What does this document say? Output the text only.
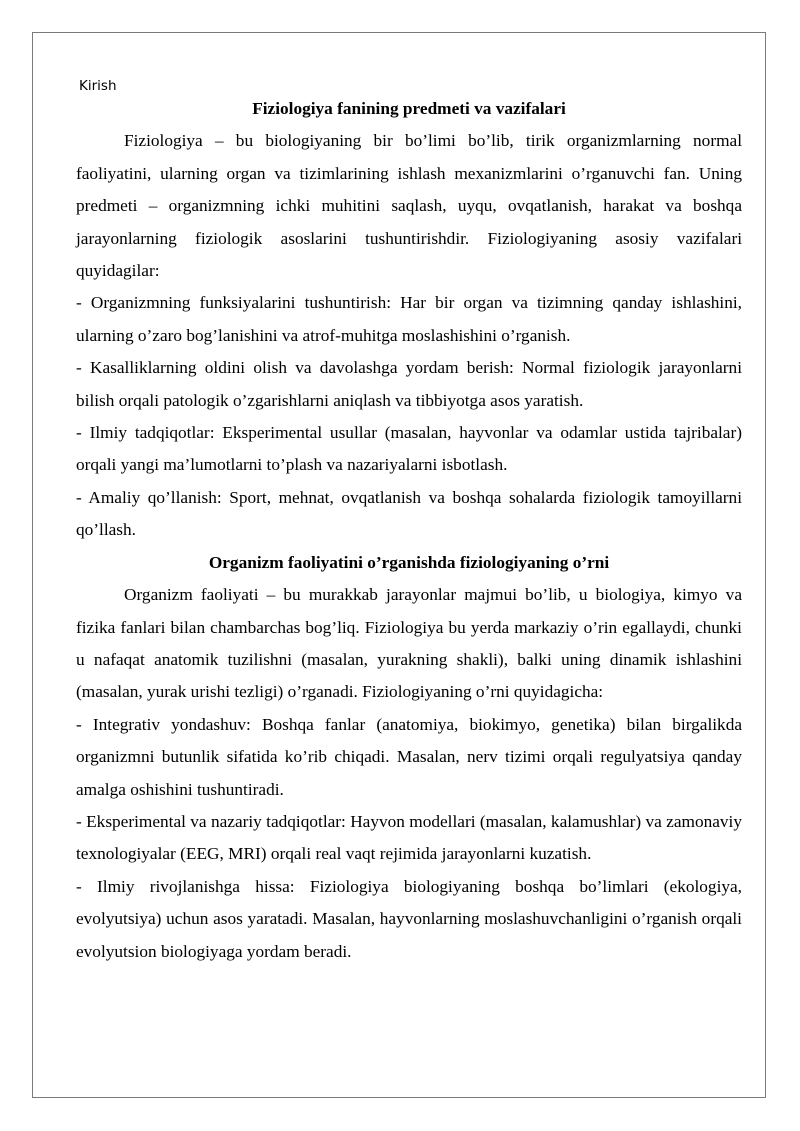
Kirish

Fiziologiya fanining predmeti va vazifalari

Fiziologiya – bu biologiyaning bir bo’limi bo’lib, tirik organizmlarning normal faoliyatini, ularning organ va tizimlarining ishlash mexanizmlarini o’rganuvchi fan. Uning predmeti – organizmning ichki muhitini saqlash, uyqu, ovqatlanish, harakat va boshqa jarayonlarning fiziologik asoslarini tushuntirishdir. Fiziologiyaning asosiy vazifalari quyidagilar:

- Organizmning funksiyalarini tushuntirish: Har bir organ va tizimning qanday ishlashini, ularning o’zaro bog’lanishini va atrof-muhitga moslashishini o’rganish.

- Kasalliklarning oldini olish va davolashga yordam berish: Normal fiziologik jarayonlarni bilish orqali patologik o’zgarishlarni aniqlash va tibbiyotga asos yaratish.

- Ilmiy tadqiqotlar: Eksperimental usullar (masalan, hayvonlar va odamlar ustida tajribalar) orqali yangi ma’lumotlarni to’plash va nazariyalarni isbotlash.

- Amaliy qo’llanish: Sport, mehnat, ovqatlanish va boshqa sohalarda fiziologik tamoyillarni qo’llash.

Organizm faoliyatini o’rganishda fiziologiyaning o’rni

Organizm faoliyati – bu murakkab jarayonlar majmui bo’lib, u biologiya, kimyo va fizika fanlari bilan chambarchas bog’liq. Fiziologiya bu yerda markaziy o’rin egallaydi, chunki u nafaqat anatomik tuzilishni (masalan, yurakning shakli), balki uning dinamik ishlashini (masalan, yurak urishi tezligi) o’rganadi. Fiziologiyaning o’rni quyidagicha:

- Integrativ yondashuv: Boshqa fanlar (anatomiya, biokimyo, genetika) bilan birgalikda organizmni butunlik sifatida ko’rib chiqadi. Masalan, nerv tizimi orqali regulyatsiya qanday amalga oshishini tushuntiradi.

- Eksperimental va nazariy tadqiqotlar: Hayvon modellari (masalan, kalamushlar) va zamonaviy texnologiyalar (EEG, MRI) orqali real vaqt rejimida jarayonlarni kuzatish.

- Ilmiy rivojlanishga hissa: Fiziologiya biologiyaning boshqa bo’limlari (ekologiya, evolyutsiya) uchun asos yaratadi. Masalan, hayvonlarning moslashuvchanligini o’rganish orqali evolyutsion biologiyaga yordam beradi.
